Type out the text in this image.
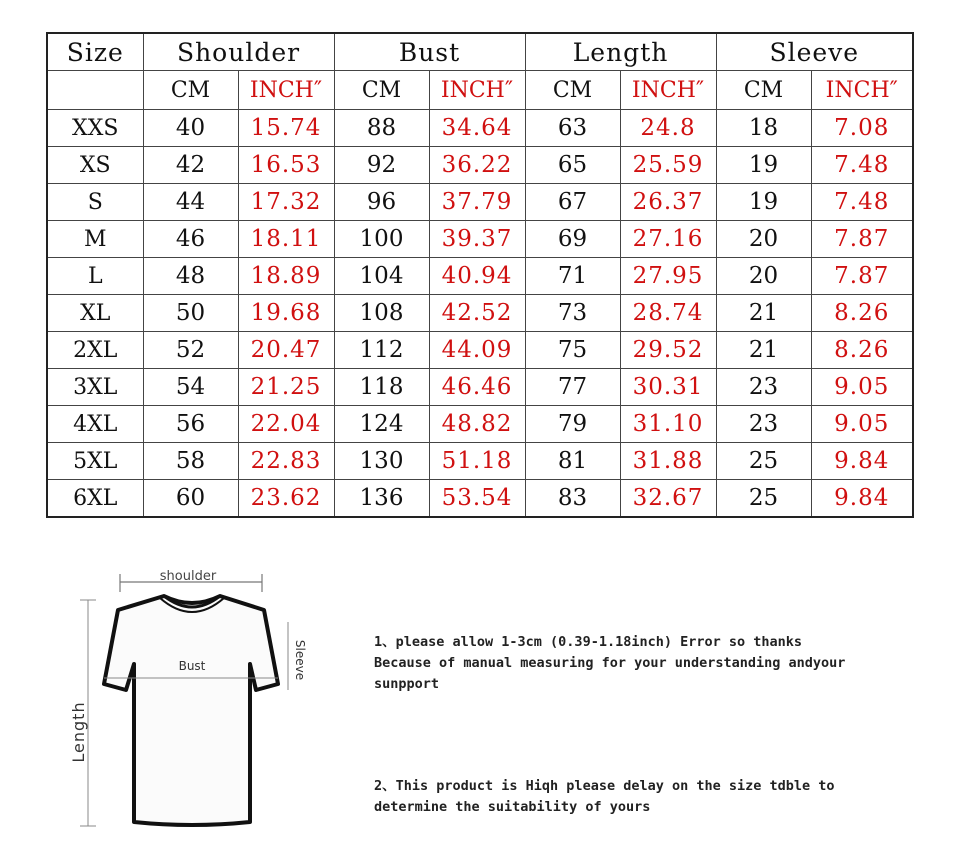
Size	Shoulder		Bust		Length		Sleeve	
	CM	INCH″	CM	INCH″	CM	INCH″	CM	INCH″
XXS	40	15.74	88	34.64	63	24.8	18	7.08
XS	42	16.53	92	36.22	65	25.59	19	7.48
S	44	17.32	96	37.79	67	26.37	19	7.48
M	46	18.11	100	39.37	69	27.16	20	7.87
L	48	18.89	104	40.94	71	27.95	20	7.87
XL	50	19.68	108	42.52	73	28.74	21	8.26
2XL	52	20.47	112	44.09	75	29.52	21	8.26
3XL	54	21.25	118	46.46	77	30.31	23	9.05
4XL	56	22.04	124	48.82	79	31.10	23	9.05
5XL	58	22.83	130	51.18	81	31.88	25	9.84
6XL	60	23.62	136	53.54	83	32.67	25	9.84
shoulder
Bust
Length
Sleeve	1、please allow 1-3cm (0.39-1.18inch) Error so thanks
Because of manual measuring for your understanding andyour
sunpport
2、This product is Hiqh please delay on the size tdble to
determine the suitability of yours
